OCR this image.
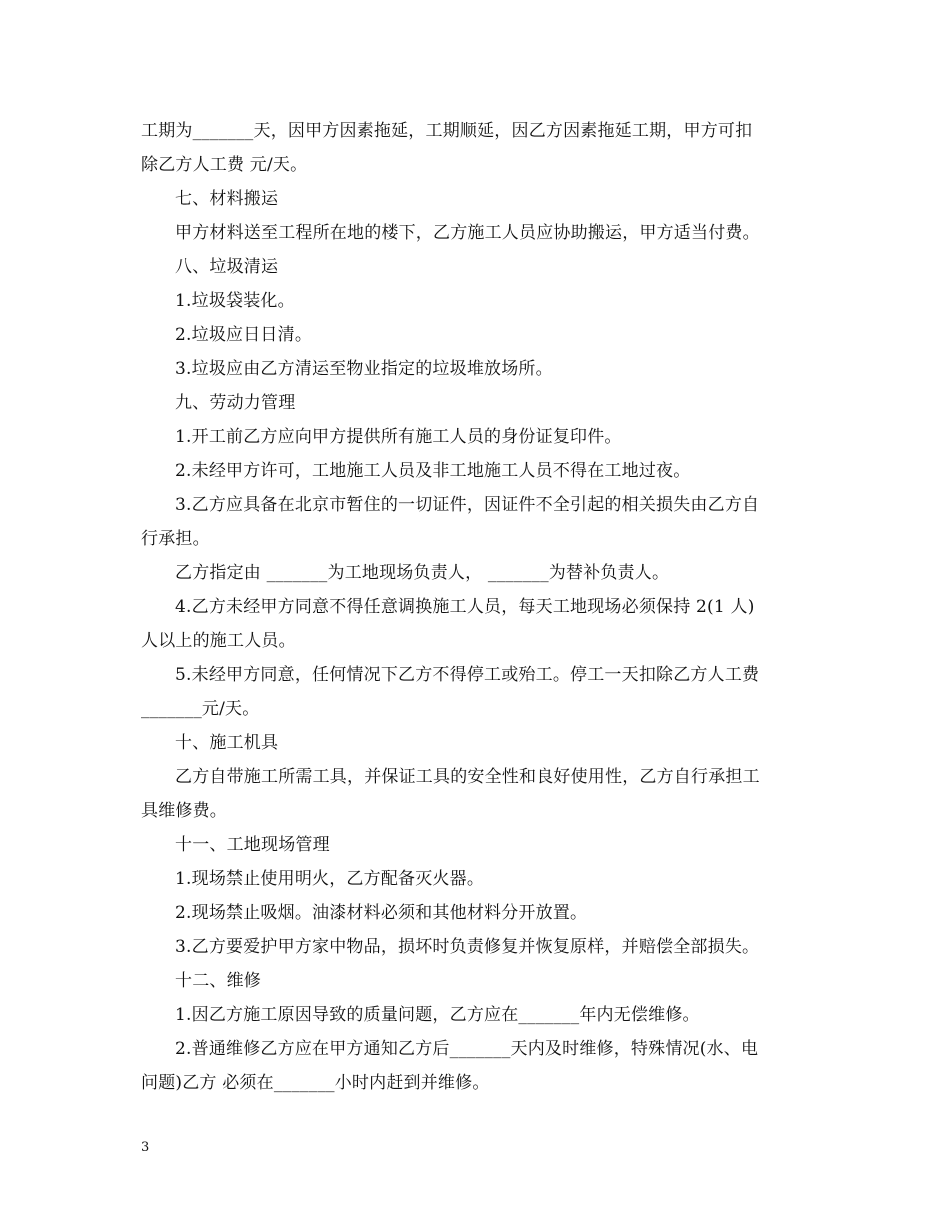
工期为_______天，因甲方因素拖延，工期顺延，因乙方因素拖延工期，甲方可扣
除乙方人工费 元/天。
七、材料搬运
甲方材料送至工程所在地的楼下，乙方施工人员应协助搬运，甲方适当付费。
八、垃圾清运
1.垃圾袋装化。
2.垃圾应日日清。
3.垃圾应由乙方清运至物业指定的垃圾堆放场所。
九、劳动力管理
1.开工前乙方应向甲方提供所有施工人员的身份证复印件。
2.未经甲方许可，工地施工人员及非工地施工人员不得在工地过夜。
3.乙方应具备在北京市暂住的一切证件，因证件不全引起的相关损失由乙方自
行承担。
乙方指定由 _______为工地现场负责人， _______为替补负责人。
4.乙方未经甲方同意不得任意调换施工人员，每天工地现场必须保持 2(1 人)
人以上的施工人员。
5.未经甲方同意，任何情况下乙方不得停工或殆工。停工一天扣除乙方人工费
_______元/天。
十、施工机具
乙方自带施工所需工具，并保证工具的安全性和良好使用性，乙方自行承担工
具维修费。
十一、工地现场管理
1.现场禁止使用明火，乙方配备灭火器。
2.现场禁止吸烟。油漆材料必须和其他材料分开放置。
3.乙方要爱护甲方家中物品，损坏时负责修复并恢复原样，并赔偿全部损失。
十二、维修
1.因乙方施工原因导致的质量问题，乙方应在_______年内无偿维修。
2.普通维修乙方应在甲方通知乙方后_______天内及时维修，特殊情况(水、电
问题)乙方 必须在_______小时内赶到并维修。
3
